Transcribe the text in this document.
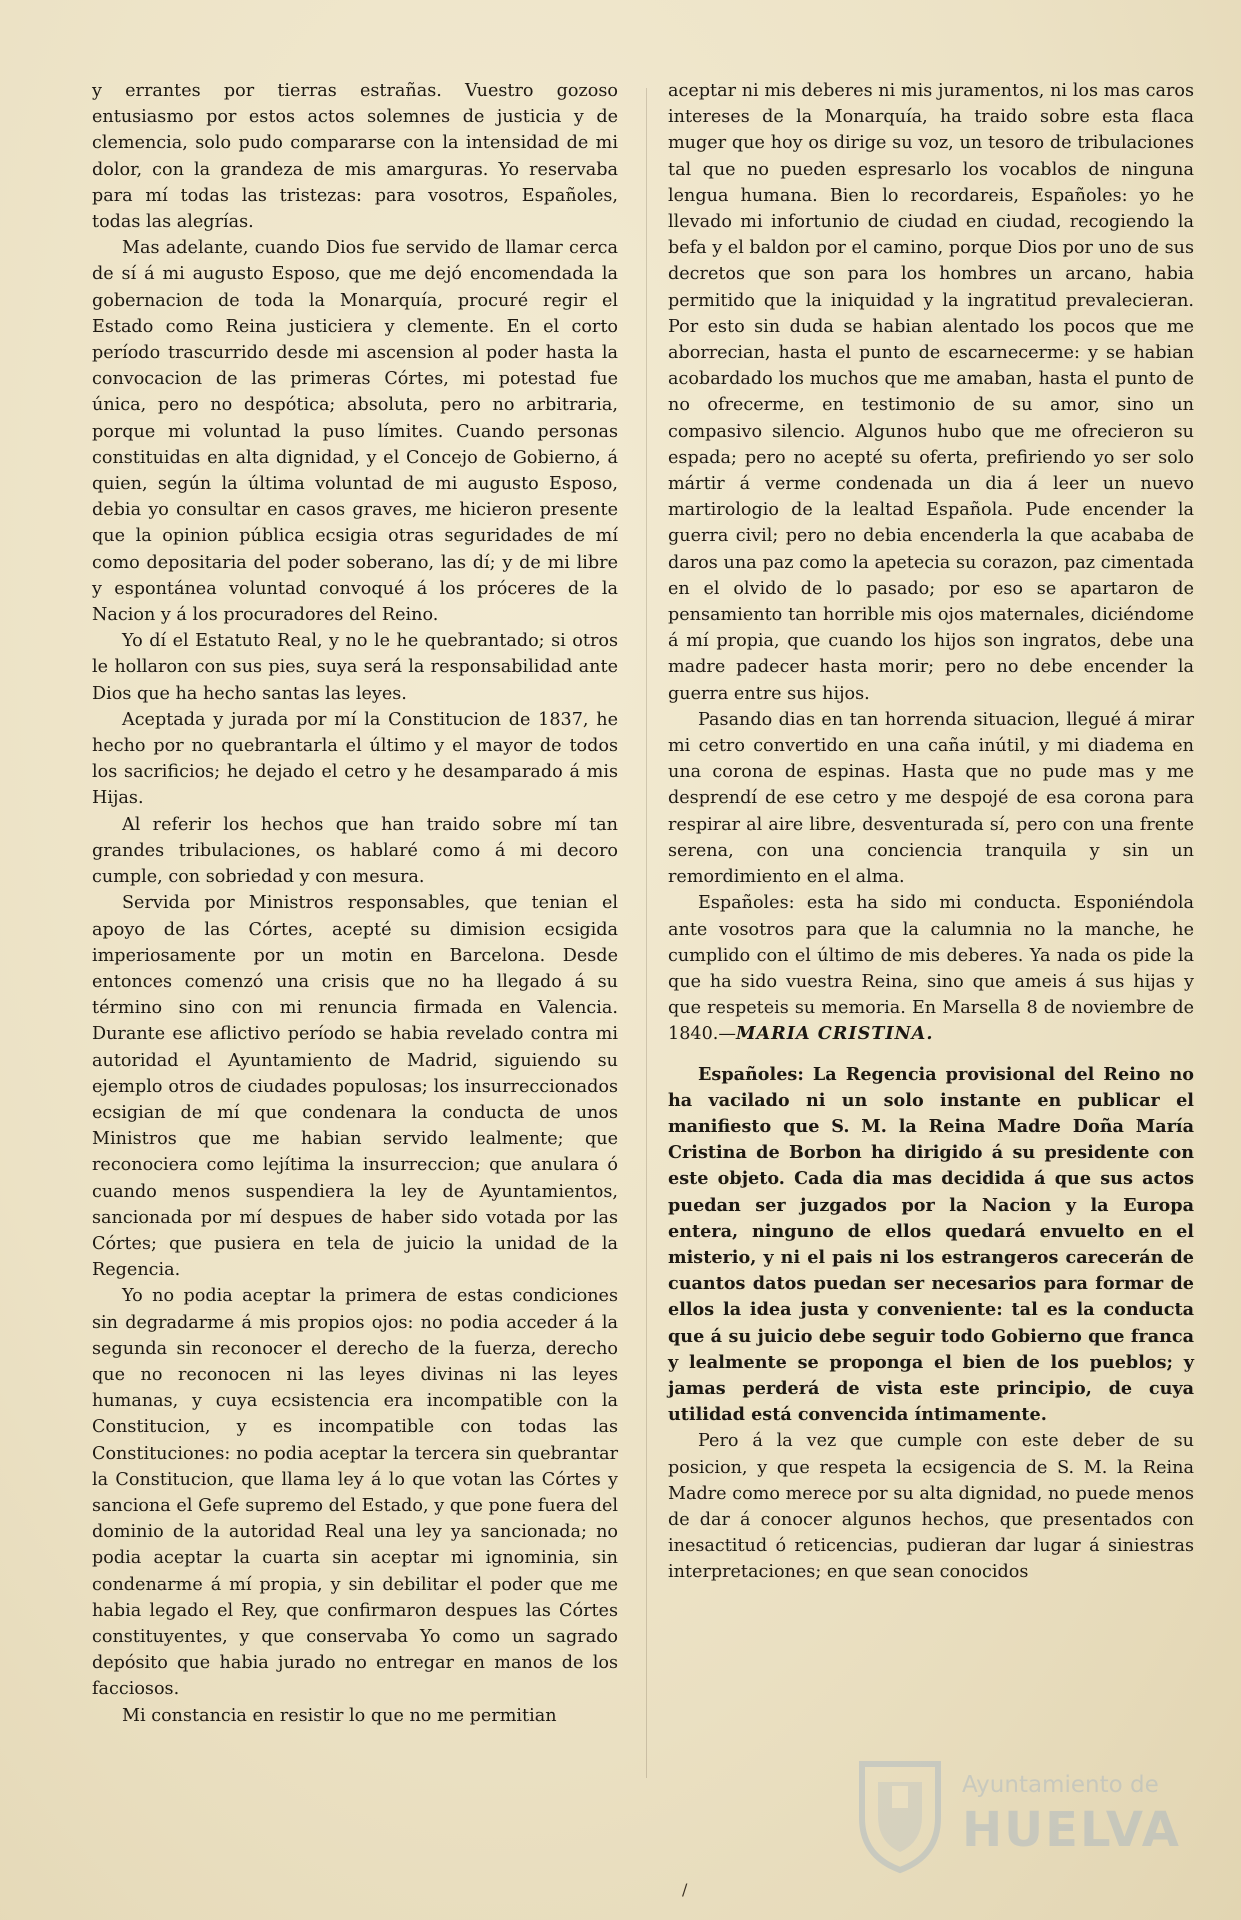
y errantes por tierras estrañas. Vuestro gozoso entusiasmo por estos actos solemnes de justicia y de clemencia, solo pudo compararse con la intensidad de mi dolor, con la grandeza de mis amarguras. Yo reservaba para mí todas las tristezas: para vosotros, Españoles, todas las alegrías.

Mas adelante, cuando Dios fue servido de llamar cerca de sí á mi augusto Esposo, que me dejó encomendada la gobernacion de toda la Monarquía, procuré regir el Estado como Reina justiciera y clemente. En el corto período trascurrido desde mi ascension al poder hasta la convocacion de las primeras Córtes, mi potestad fue única, pero no despótica; absoluta, pero no arbitraria, porque mi voluntad la puso límites. Cuando personas constituidas en alta dignidad, y el Concejo de Gobierno, á quien, según la última voluntad de mi augusto Esposo, debia yo consultar en casos graves, me hicieron presente que la opinion pública ecsigia otras seguridades de mí como depositaria del poder soberano, las dí; y de mi libre y espontánea voluntad convoqué á los próceres de la Nacion y á los procuradores del Reino.

Yo dí el Estatuto Real, y no le he quebrantado; si otros le hollaron con sus pies, suya será la responsabilidad ante Dios que ha hecho santas las leyes.

Aceptada y jurada por mí la Constitucion de 1837, he hecho por no quebrantarla el último y el mayor de todos los sacrificios; he dejado el cetro y he desamparado á mis Hijas.

Al referir los hechos que han traido sobre mí tan grandes tribulaciones, os hablaré como á mi decoro cumple, con sobriedad y con mesura.

Servida por Ministros responsables, que tenian el apoyo de las Córtes, acepté su dimision ecsigida imperiosamente por un motin en Barcelona. Desde entonces comenzó una crisis que no ha llegado á su término sino con mi renuncia firmada en Valencia. Durante ese aflictivo período se habia revelado contra mi autoridad el Ayuntamiento de Madrid, siguiendo su ejemplo otros de ciudades populosas; los insurreccionados ecsigian de mí que condenara la conducta de unos Ministros que me habian servido lealmente; que reconociera como lejítima la insurreccion; que anulara ó cuando menos suspendiera la ley de Ayuntamientos, sancionada por mí despues de haber sido votada por las Córtes; que pusiera en tela de juicio la unidad de la Regencia.

Yo no podia aceptar la primera de estas condiciones sin degradarme á mis propios ojos: no podia acceder á la segunda sin reconocer el derecho de la fuerza, derecho que no reconocen ni las leyes divinas ni las leyes humanas, y cuya ecsistencia era incompatible con la Constitucion, y es incompatible con todas las Constituciones: no podia aceptar la tercera sin quebrantar la Constitucion, que llama ley á lo que votan las Córtes y sanciona el Gefe supremo del Estado, y que pone fuera del dominio de la autoridad Real una ley ya sancionada; no podia aceptar la cuarta sin aceptar mi ignominia, sin condenarme á mí propia, y sin debilitar el poder que me habia legado el Rey, que confirmaron despues las Córtes constituyentes, y que conservaba Yo como un sagrado depósito que habia jurado no entregar en manos de los facciosos.

Mi constancia en resistir lo que no me permitian

aceptar ni mis deberes ni mis juramentos, ni los mas caros intereses de la Monarquía, ha traido sobre esta flaca muger que hoy os dirige su voz, un tesoro de tribulaciones tal que no pueden espresarlo los vocablos de ninguna lengua humana. Bien lo recordareis, Españoles: yo he llevado mi infortunio de ciudad en ciudad, recogiendo la befa y el baldon por el camino, porque Dios por uno de sus decretos que son para los hombres un arcano, habia permitido que la iniquidad y la ingratitud prevalecieran. Por esto sin duda se habian alentado los pocos que me aborrecian, hasta el punto de escarnecerme: y se habian acobardado los muchos que me amaban, hasta el punto de no ofrecerme, en testimonio de su amor, sino un compasivo silencio. Algunos hubo que me ofrecieron su espada; pero no acepté su oferta, prefiriendo yo ser solo mártir á verme condenada un dia á leer un nuevo martirologio de la lealtad Española. Pude encender la guerra civil; pero no debia encenderla la que acababa de daros una paz como la apetecia su corazon, paz cimentada en el olvido de lo pasado; por eso se apartaron de pensamiento tan horrible mis ojos maternales, diciéndome á mí propia, que cuando los hijos son ingratos, debe una madre padecer hasta morir; pero no debe encender la guerra entre sus hijos.

Pasando dias en tan horrenda situacion, llegué á mirar mi cetro convertido en una caña inútil, y mi diadema en una corona de espinas. Hasta que no pude mas y me desprendí de ese cetro y me despojé de esa corona para respirar al aire libre, desventurada sí, pero con una frente serena, con una conciencia tranquila y sin un remordimiento en el alma.

Españoles: esta ha sido mi conducta. Esponiéndola ante vosotros para que la calumnia no la manche, he cumplido con el último de mis deberes. Ya nada os pide la que ha sido vuestra Reina, sino que ameis á sus hijas y que respeteis su memoria. En Marsella 8 de noviembre de 1840.—MARIA CRISTINA.

Españoles: La Regencia provisional del Reino no ha vacilado ni un solo instante en publicar el manifiesto que S. M. la Reina Madre Doña María Cristina de Borbon ha dirigido á su presidente con este objeto. Cada dia mas decidida á que sus actos puedan ser juzgados por la Nacion y la Europa entera, ninguno de ellos quedará envuelto en el misterio, y ni el pais ni los estrangeros carecerán de cuantos datos puedan ser necesarios para formar de ellos la idea justa y conveniente: tal es la conducta que á su juicio debe seguir todo Gobierno que franca y lealmente se proponga el bien de los pueblos; y jamas perderá de vista este principio, de cuya utilidad está convencida íntimamente.

Pero á la vez que cumple con este deber de su posicion, y que respeta la ecsigencia de S. M. la Reina Madre como merece por su alta dignidad, no puede menos de dar á conocer algunos hechos, que presentados con inesactitud ó reticencias, pudieran dar lugar á siniestras interpretaciones; en que sean conocidos

/
Ayuntamiento de
HUELVA
